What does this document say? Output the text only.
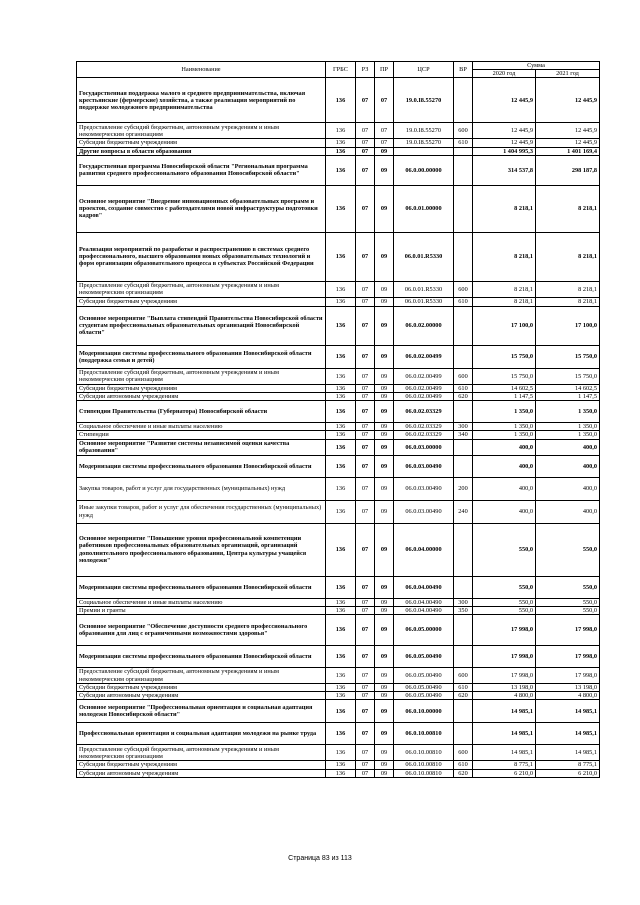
Наименование	ГРБС	РЗ	ПР	ЦСР	ВР	Сумма	
						2020 год	2021 год
Государственная поддержка малого и среднего предпринимательства, включая крестьянские (фермерские) хозяйства, а также реализация мероприятий по поддержке молодежного предпринимательства	136	07	07	19.0.I8.55270		12 445,9	12 445,9
Предоставление субсидий бюджетным, автономным учреждениям и иным некоммерческим организациям	136	07	07	19.0.I8.55270	600	12 445,9	12 445,9
Субсидии бюджетным учреждениям	136	07	07	19.0.I8.55270	610	12 445,9	12 445,9
Другие вопросы в области образования	136	07	09			1 404 995,3	1 401 169,4
Государственная программа Новосибирской области "Региональная программа развития среднего профессионального образования Новосибирской области"	136	07	09	06.0.00.00000		314 537,8	298 187,8
Основное мероприятие "Внедрение инновационных образовательных программ и проектов, создание совместно с работодателями новой инфраструктуры подготовки кадров"	136	07	09	06.0.01.00000		8 218,1	8 218,1
Реализация мероприятий по разработке и распространению в системах среднего профессионального, высшего образования новых образовательных технологий и форм организации образовательного процесса в субъектах Российской Федерации	136	07	09	06.0.01.R5330		8 218,1	8 218,1
Предоставление субсидий бюджетным, автономным учреждениям и иным некоммерческим организациям	136	07	09	06.0.01.R5330	600	8 218,1	8 218,1
Субсидии бюджетным учреждениям	136	07	09	06.0.01.R5330	610	8 218,1	8 218,1
Основное мероприятие "Выплата стипендий Правительства Новосибирской области студентам профессиональных образовательных организаций Новосибирской области"	136	07	09	06.0.02.00000		17 100,0	17 100,0
Модернизация системы профессионального образования Новосибирской области (поддержка семьи и детей)	136	07	09	06.0.02.00499		15 750,0	15 750,0
Предоставление субсидий бюджетным, автономным учреждениям и иным некоммерческим организациям	136	07	09	06.0.02.00499	600	15 750,0	15 750,0
Субсидии бюджетным учреждениям	136	07	09	06.0.02.00499	610	14 602,5	14 602,5
Субсидии автономным учреждениям	136	07	09	06.0.02.00499	620	1 147,5	1 147,5
Стипендии Правительства (Губернатора) Новосибирской области	136	07	09	06.0.02.03329		1 350,0	1 350,0
Социальное обеспечение и иные выплаты населению	136	07	09	06.0.02.03329	300	1 350,0	1 350,0
Стипендии	136	07	09	06.0.02.03329	340	1 350,0	1 350,0
Основное мероприятие "Развитие системы независимой оценки качества образования"	136	07	09	06.0.03.00000		400,0	400,0
Модернизация системы профессионального образования Новосибирской области	136	07	09	06.0.03.00490		400,0	400,0
Закупка товаров, работ и услуг для государственных (муниципальных) нужд	136	07	09	06.0.03.00490	200	400,0	400,0
Иные закупки товаров, работ и услуг для обеспечения государственных (муниципальных) нужд	136	07	09	06.0.03.00490	240	400,0	400,0
Основное мероприятие "Повышение уровня профессиональной компетенции работников профессиональных образовательных организаций, организаций дополнительного профессионального образования, Центра культуры учащейся молодежи"	136	07	09	06.0.04.00000		550,0	550,0
Модернизация системы профессионального образования Новосибирской области	136	07	09	06.0.04.00490		550,0	550,0
Социальное обеспечение и иные выплаты населению	136	07	09	06.0.04.00490	300	550,0	550,0
Премии и гранты	136	07	09	06.0.04.00490	350	550,0	550,0
Основное мероприятие "Обеспечение доступности среднего профессионального образования для лиц с ограниченными возможностями здоровья"	136	07	09	06.0.05.00000		17 998,0	17 998,0
Модернизация системы профессионального образования Новосибирской области	136	07	09	06.0.05.00490		17 998,0	17 998,0
Предоставление субсидий бюджетным, автономным учреждениям и иным некоммерческим организациям	136	07	09	06.0.05.00490	600	17 998,0	17 998,0
Субсидии бюджетным учреждениям	136	07	09	06.0.05.00490	610	13 198,0	13 198,0
Субсидии автономным учреждениям	136	07	09	06.0.05.00490	620	4 800,0	4 800,0
Основное мероприятие "Профессиональная ориентация и социальная адаптация молодежи Новосибирской области"	136	07	09	06.0.10.00000		14 985,1	14 985,1
Профессиональная ориентация и социальная адаптация молодежи на рынке труда	136	07	09	06.0.10.00810		14 985,1	14 985,1
Предоставление субсидий бюджетным, автономным учреждениям и иным некоммерческим организациям	136	07	09	06.0.10.00810	600	14 985,1	14 985,1
Субсидии бюджетным учреждениям	136	07	09	06.0.10.00810	610	8 775,1	8 775,1
Субсидии автономным учреждениям	136	07	09	06.0.10.00810	620	6 210,0	6 210,0
Страница 83 из 113
